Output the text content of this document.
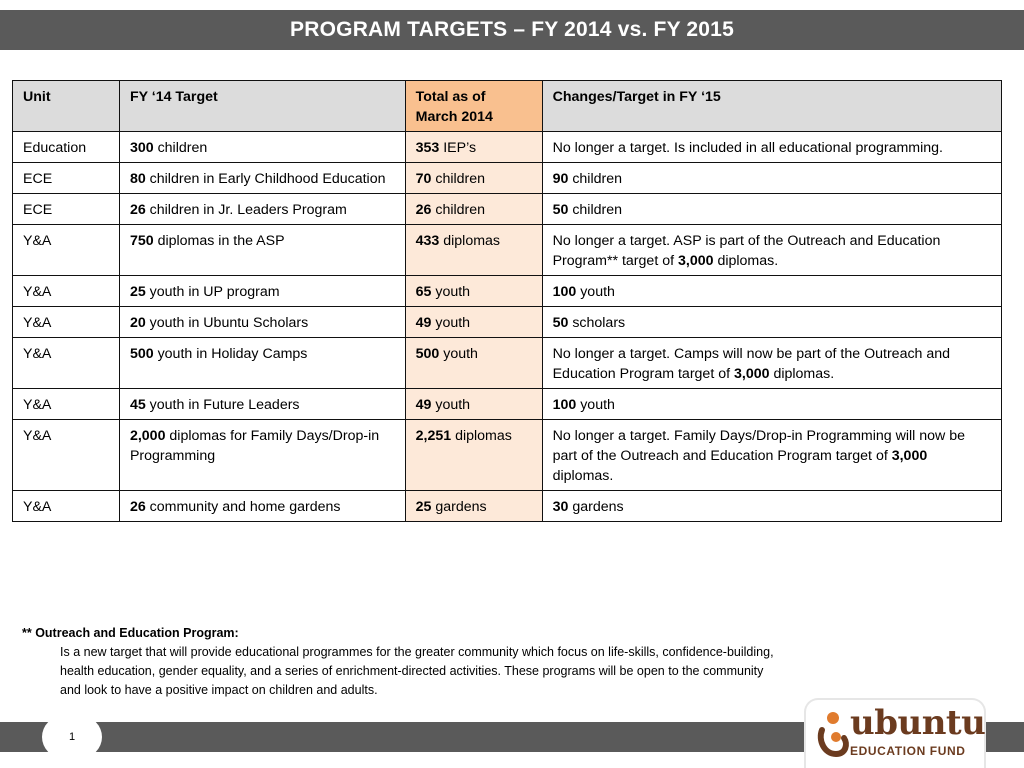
PROGRAM TARGETS – FY 2014 vs. FY 2015
Unit	FY ‘14 Target	Total as of March 2014	Changes/Target in FY ‘15
Education	300 children	353 IEP’s	No longer a target. Is included in all educational programming.
ECE	80 children in Early Childhood Education	70 children	90 children
ECE	26 children in Jr. Leaders Program	26 children	50 children
Y&A	750 diplomas in the ASP	433 diplomas	No longer a target. ASP is part of the Outreach and Education Program** target of 3,000 diplomas.
Y&A	25 youth in UP program	65 youth	100 youth
Y&A	20 youth in Ubuntu Scholars	49 youth	50 scholars
Y&A	500 youth in Holiday Camps	500 youth	No longer a target. Camps will now be part of the Outreach and Education Program target of 3,000 diplomas.
Y&A	45 youth in Future Leaders	49 youth	100 youth
Y&A	2,000 diplomas for Family Days/Drop-in Programming	2,251 diplomas	No longer a target. Family Days/Drop-in Programming will now be part of the Outreach and Education Program target of 3,000 diplomas.
Y&A	26 community and home gardens	25 gardens	30 gardens
** Outreach and Education Program:
Is a new target that will provide educational programmes for the greater community which focus on life-skills, confidence-building, health education, gender equality, and a series of enrichment-directed activities. These programs will be open to the community and look to have a positive impact on children and adults.
1	ubuntu
EDUCATION FUND
